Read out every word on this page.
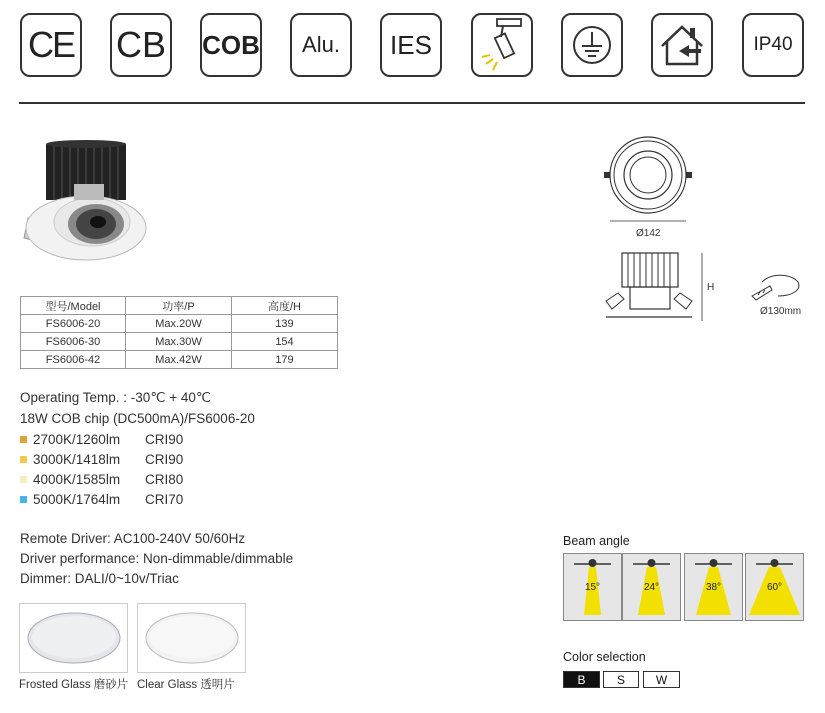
CE CB COB Alu. IES	IP40
Ø142
H
Ø130mm
型号/Model	功率/P	高度/H
FS6006-20	Max.20W	139
FS6006-30	Max.30W	154
FS6006-42	Max.42W	179
Operating Temp. : -30℃ + 40℃
18W COB chip (DC500mA)/FS6006-20
2700K/1260lm CRI90
3000K/1418lm CRI90
4000K/1585lm CRI80
5000K/1764lm CRI70
Remote Driver: AC100-240V 50/60Hz
Driver performance: Non-dimmable/dimmable
Dimmer: DALI/0~10v/Triac
Frosted Glass 磨砂片 Clear Glass 透明片
Beam angle
15°	24°	38°	60°
Color selection
B	S	W
